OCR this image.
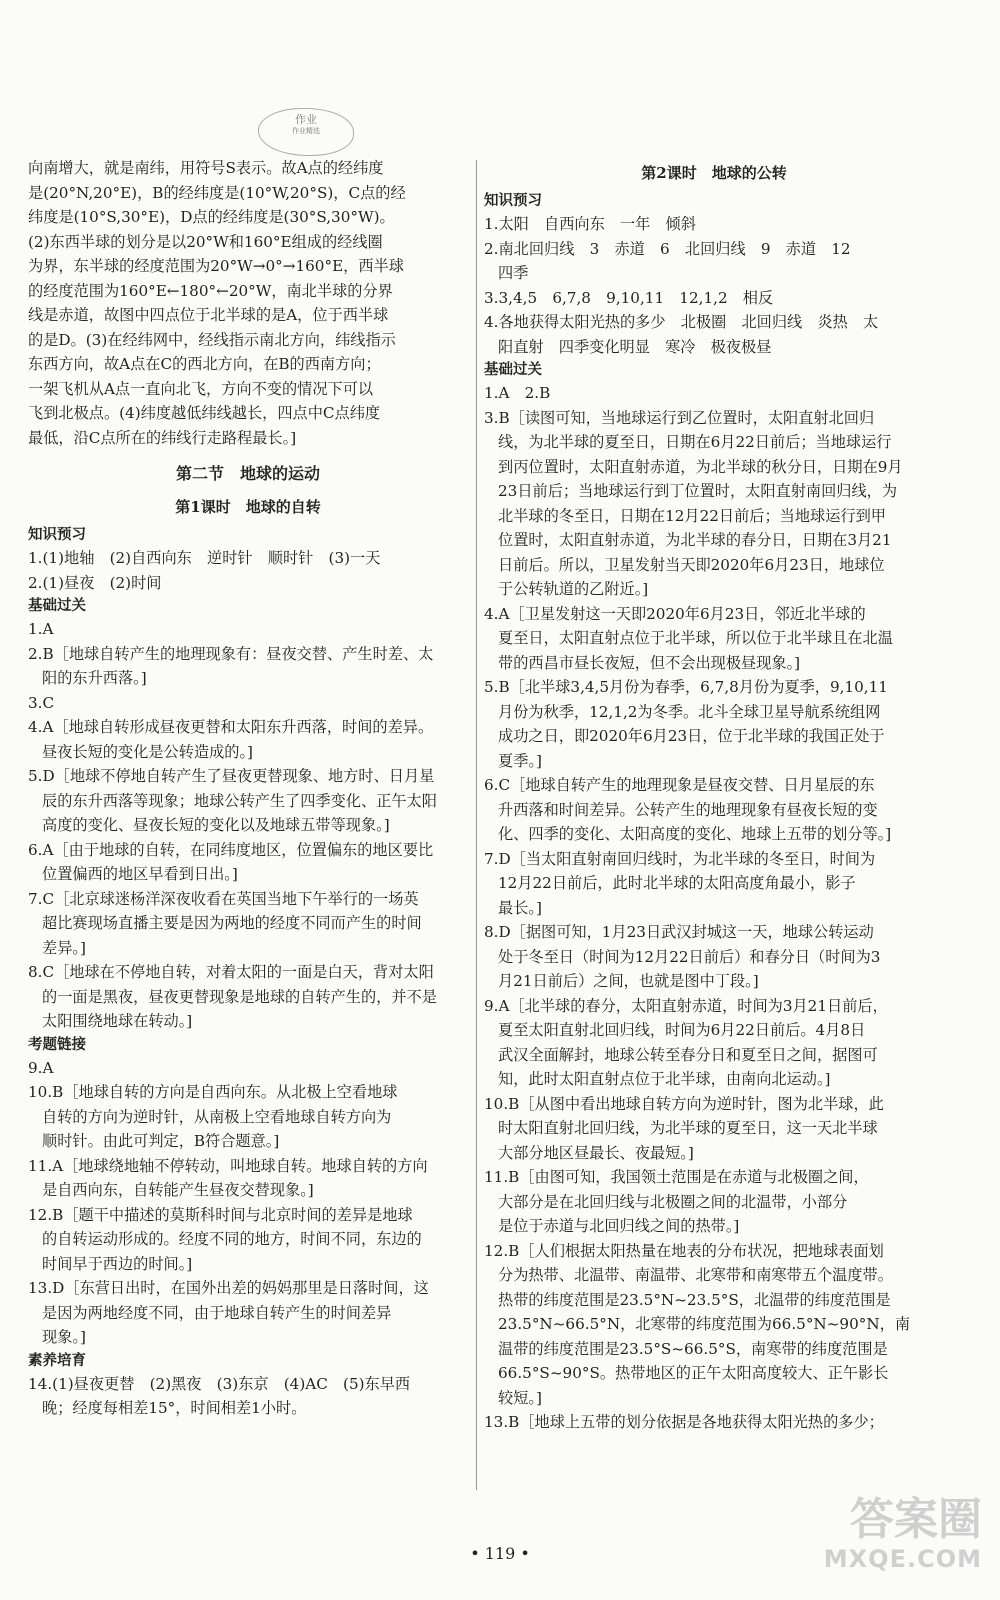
作业
作业精选

向南增大，就是南纬，用符号S表示。故A点的经纬度

是(20°N,20°E)，B的经纬度是(10°W,20°S)，C点的经

纬度是(10°S,30°E)，D点的经纬度是(30°S,30°W)。

(2)东西半球的划分是以20°W和160°E组成的经线圈

为界，东半球的经度范围为20°W→0°→160°E，西半球

的经度范围为160°E←180°←20°W，南北半球的分界

线是赤道，故图中四点位于北半球的是A，位于西半球

的是D。(3)在经纬网中，经线指示南北方向，纬线指示

东西方向，故A点在C的西北方向，在B的西南方向；

一架飞机从A点一直向北飞，方向不变的情况下可以

飞到北极点。(4)纬度越低纬线越长，四点中C点纬度

最低，沿C点所在的纬线行走路程最长。]

第二节　地球的运动
第1课时　地球的自转

知识预习

1.(1)地轴　(2)自西向东　逆时针　顺时针　(3)一天

2.(1)昼夜　(2)时间

基础过关

1.A

2.B［地球自转产生的地理现象有：昼夜交替、产生时差、太

阳的东升西落。]

3.C

4.A［地球自转形成昼夜更替和太阳东升西落，时间的差异。

昼夜长短的变化是公转造成的。]

5.D［地球不停地自转产生了昼夜更替现象、地方时、日月星

辰的东升西落等现象；地球公转产生了四季变化、正午太阳

高度的变化、昼夜长短的变化以及地球五带等现象。]

6.A［由于地球的自转，在同纬度地区，位置偏东的地区要比

位置偏西的地区早看到日出。]

7.C［北京球迷杨洋深夜收看在英国当地下午举行的一场英

超比赛现场直播主要是因为两地的经度不同而产生的时间

差异。]

8.C［地球在不停地自转，对着太阳的一面是白天，背对太阳

的一面是黑夜，昼夜更替现象是地球的自转产生的，并不是

太阳围绕地球在转动。]

考题链接

9.A

10.B［地球自转的方向是自西向东。从北极上空看地球

自转的方向为逆时针，从南极上空看地球自转方向为

顺时针。由此可判定，B符合题意。]

11.A［地球绕地轴不停转动，叫地球自转。地球自转的方向

是自西向东，自转能产生昼夜交替现象。]

12.B［题干中描述的莫斯科时间与北京时间的差异是地球

的自转运动形成的。经度不同的地方，时间不同，东边的

时间早于西边的时间。]

13.D［东营日出时，在国外出差的妈妈那里是日落时间，这

是因为两地经度不同，由于地球自转产生的时间差异

现象。]

素养培育

14.(1)昼夜更替　(2)黑夜　(3)东京　(4)AC　(5)东早西

晚；经度每相差15°，时间相差1小时。

第2课时　地球的公转

知识预习

1.太阳　自西向东　一年　倾斜

2.南北回归线　3　赤道　6　北回归线　9　赤道　12

四季

3.3,4,5　6,7,8　9,10,11　12,1,2　相反

4.各地获得太阳光热的多少　北极圈　北回归线　炎热　太

阳直射　四季变化明显　寒冷　极夜极昼

基础过关

1.A　2.B

3.B［读图可知，当地球运行到乙位置时，太阳直射北回归

线，为北半球的夏至日，日期在6月22日前后；当地球运行

到丙位置时，太阳直射赤道，为北半球的秋分日，日期在9月

23日前后；当地球运行到丁位置时，太阳直射南回归线，为

北半球的冬至日，日期在12月22日前后；当地球运行到甲

位置时，太阳直射赤道，为北半球的春分日，日期在3月21

日前后。所以，卫星发射当天即2020年6月23日，地球位

于公转轨道的乙附近。]

4.A［卫星发射这一天即2020年6月23日，邻近北半球的

夏至日，太阳直射点位于北半球，所以位于北半球且在北温

带的西昌市昼长夜短，但不会出现极昼现象。]

5.B［北半球3,4,5月份为春季，6,7,8月份为夏季，9,10,11

月份为秋季，12,1,2为冬季。北斗全球卫星导航系统组网

成功之日，即2020年6月23日，位于北半球的我国正处于

夏季。]

6.C［地球自转产生的地理现象是昼夜交替、日月星辰的东

升西落和时间差异。公转产生的地理现象有昼夜长短的变

化、四季的变化、太阳高度的变化、地球上五带的划分等。]

7.D［当太阳直射南回归线时，为北半球的冬至日，时间为

12月22日前后，此时北半球的太阳高度角最小，影子

最长。]

8.D［据图可知，1月23日武汉封城这一天，地球公转运动

处于冬至日（时间为12月22日前后）和春分日（时间为3

月21日前后）之间，也就是图中丁段。]

9.A［北半球的春分，太阳直射赤道，时间为3月21日前后，

夏至太阳直射北回归线，时间为6月22日前后。4月8日

武汉全面解封，地球公转至春分日和夏至日之间，据图可

知，此时太阳直射点位于北半球，由南向北运动。]

10.B［从图中看出地球自转方向为逆时针，图为北半球，此

时太阳直射北回归线，为北半球的夏至日，这一天北半球

大部分地区昼最长、夜最短。]

11.B［由图可知，我国领土范围是在赤道与北极圈之间，

大部分是在北回归线与北极圈之间的北温带，小部分

是位于赤道与北回归线之间的热带。]

12.B［人们根据太阳热量在地表的分布状况，把地球表面划

分为热带、北温带、南温带、北寒带和南寒带五个温度带。

热带的纬度范围是23.5°N~23.5°S，北温带的纬度范围是

23.5°N~66.5°N，北寒带的纬度范围为66.5°N~90°N，南

温带的纬度范围是23.5°S~66.5°S，南寒带的纬度范围是

66.5°S~90°S。热带地区的正午太阳高度较大、正午影长

较短。]

13.B［地球上五带的划分依据是各地获得太阳光热的多少；

• 119 •
答案圈
MXQE.COM
